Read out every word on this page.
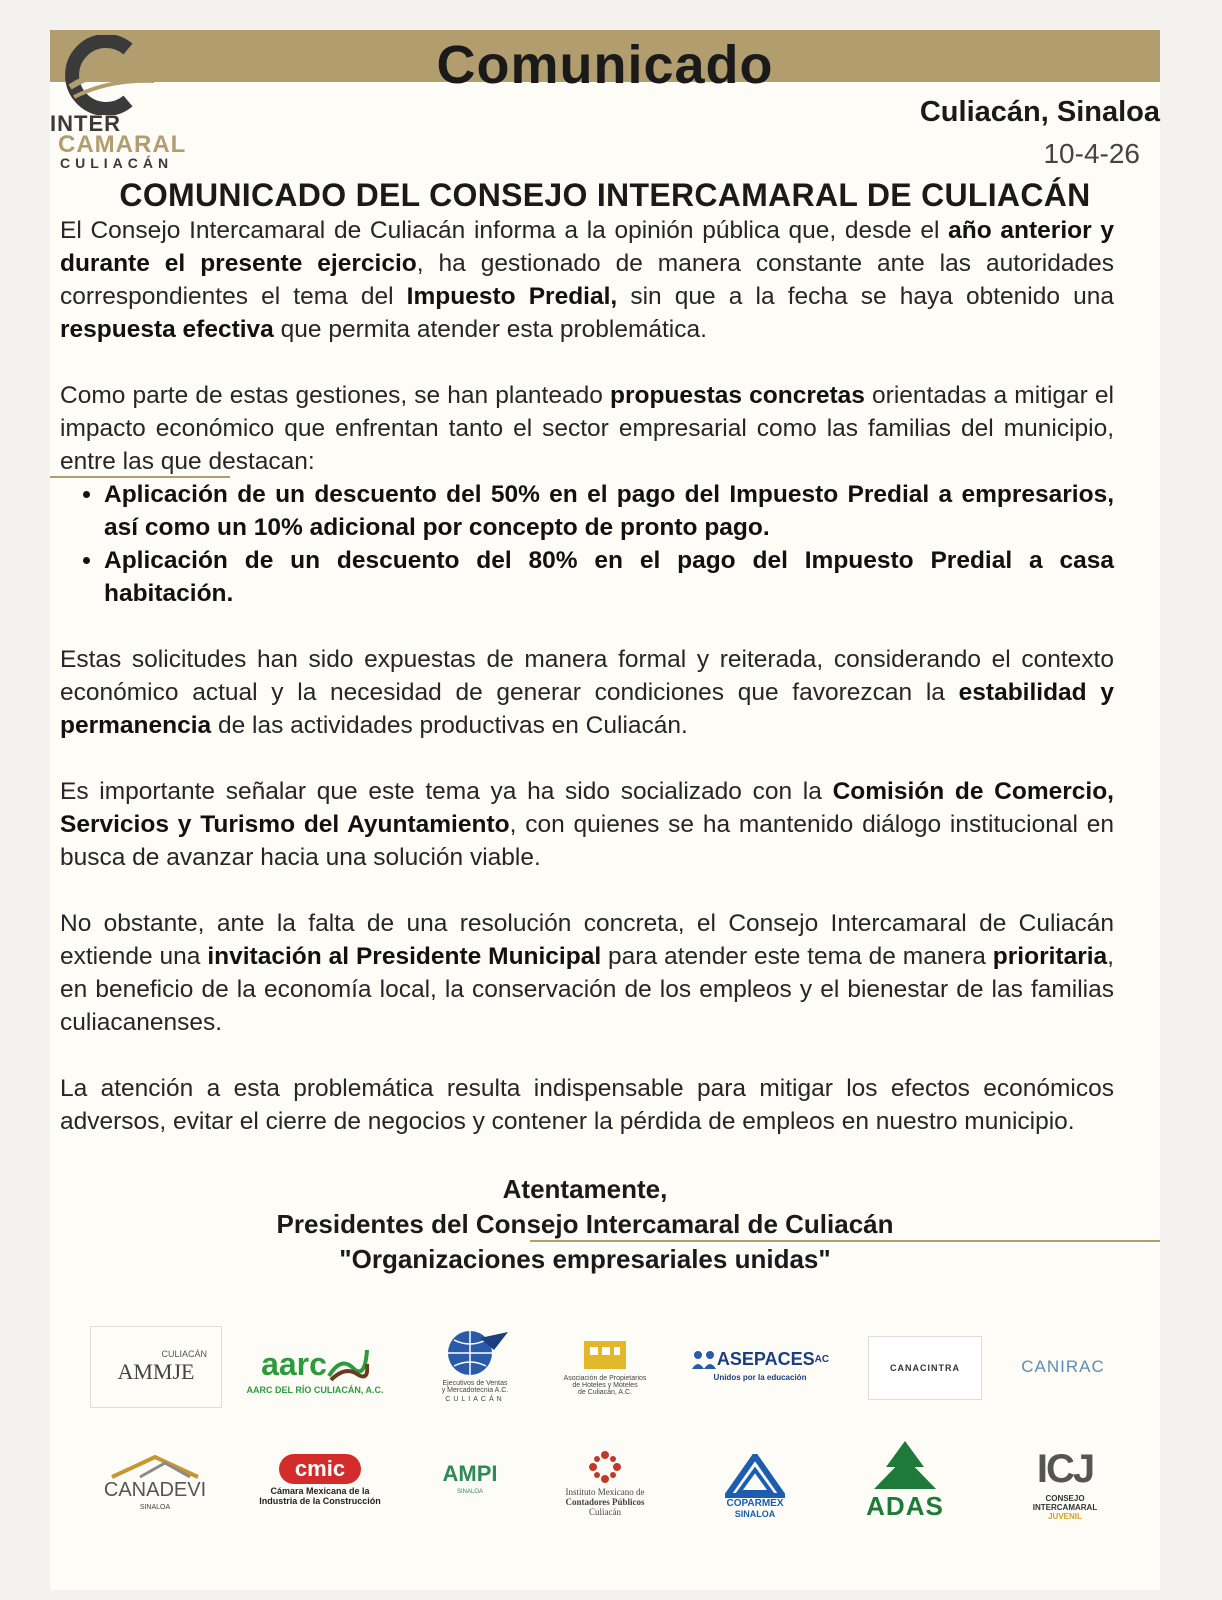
Comunicado
INTER
CAMARAL
CULIACÁN
Culiacán, Sinaloa
10-4-26
COMUNICADO DEL CONSEJO INTERCAMARAL DE CULIACÁN

El Consejo Intercamaral de Culiacán informa a la opinión pública que, desde el año anterior y durante el presente ejercicio, ha gestionado de manera constante ante las autoridades correspondientes el tema del Impuesto Predial, sin que a la fecha se haya obtenido una respuesta efectiva que permita atender esta problemática.

Como parte de estas gestiones, se han planteado propuestas concretas orientadas a mitigar el impacto económico que enfrentan tanto el sector empresarial como las familias del municipio, entre las que destacan:

• Aplicación de un descuento del 50% en el pago del Impuesto Predial a empresarios, así como un 10% adicional por concepto de pronto pago.
• Aplicación de un descuento del 80% en el pago del Impuesto Predial a casa habitación.

Estas solicitudes han sido expuestas de manera formal y reiterada, considerando el contexto económico actual y la necesidad de generar condiciones que favorezcan la estabilidad y permanencia de las actividades productivas en Culiacán.

Es importante señalar que este tema ya ha sido socializado con la Comisión de Comercio, Servicios y Turismo del Ayuntamiento, con quienes se ha mantenido diálogo institucional en busca de avanzar hacia una solución viable.

No obstante, ante la falta de una resolución concreta, el Consejo Intercamaral de Culiacán extiende una invitación al Presidente Municipal para atender este tema de manera prioritaria, en beneficio de la economía local, la conservación de los empleos y el bienestar de las familias culiacanenses.

La atención a esta problemática resulta indispensable para mitigar los efectos económicos adversos, evitar el cierre de negocios y contener la pérdida de empleos en nuestro municipio.

Atentamente,
Presidentes del Consejo Intercamaral de Culiacán
"Organizaciones empresariales unidas"
CULIACÁN
AMMJE aarc
AARC DEL RÍO CULIACÁN, A.C.
Ejecutivos de Ventas
y Mercadotecnia A.C.
CULIACÁN
Asociación de Propietarios
de Hoteles y Moteles
de Culiacán, A.C.
ASEPACES AC
Unidos por la educación
CANACINTRA	CANIRAC
CANADEVI
SINALOA
cmic
Cámara Mexicana de la
Industria de la Construcción
AMPI
SINALOA	Instituto Mexicano de
Contadores Públicos
Culiacán
COPARMEX
SINALOA	ADAS
ICJ
CONSEJO
INTERCAMARAL
JUVENIL
